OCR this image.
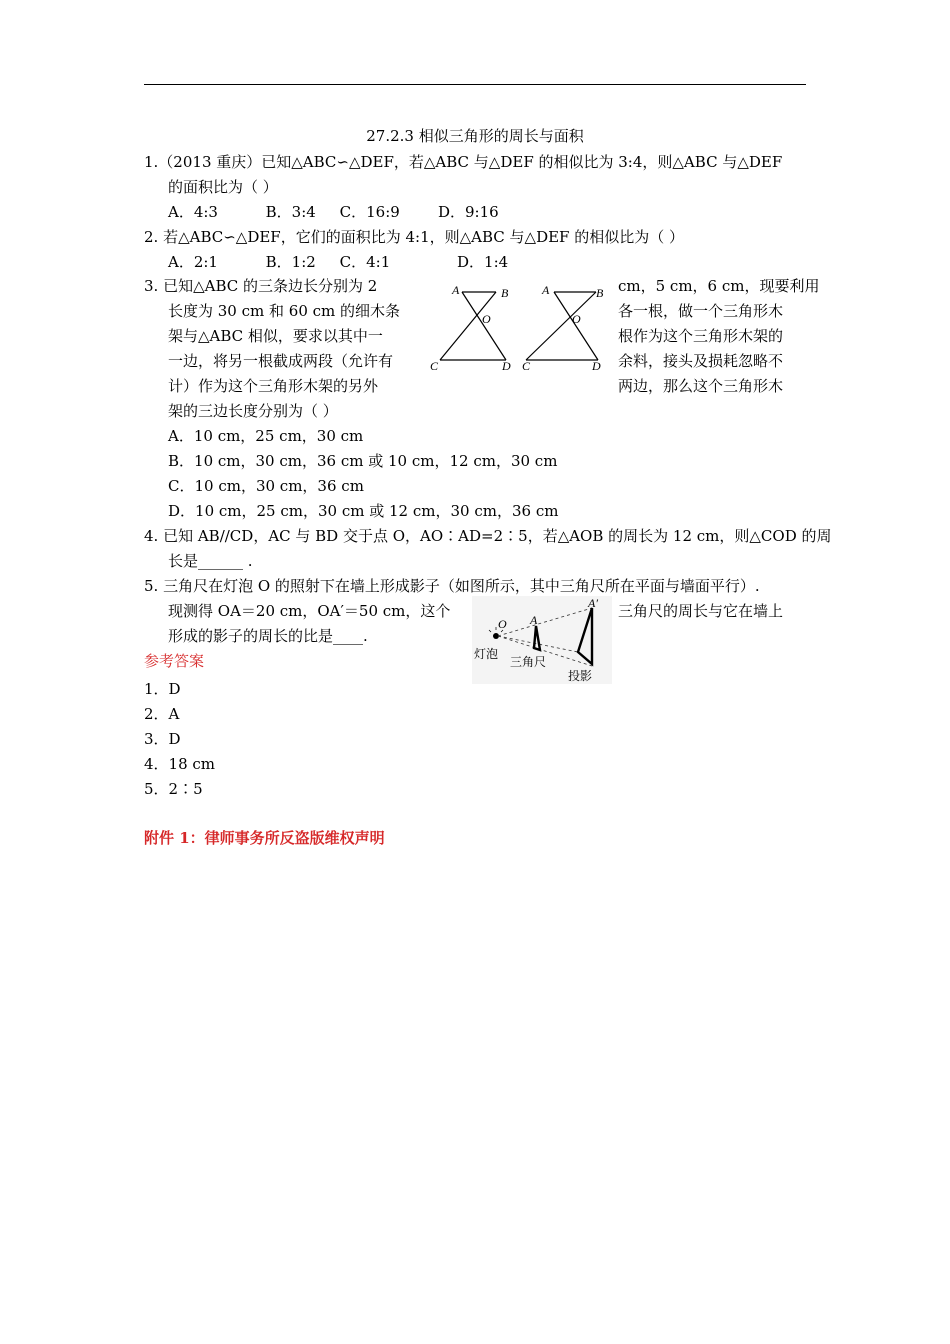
27.2.3 相似三角形的周长与面积
1.（2013 重庆）已知△ABC∽△DEF，若△ABC 与△DEF 的相似比为 3:4，则△ABC 与△DEF
的面积比为（ ）
A．4:3          B．3:4     C．16:9        D．9:16
2. 若△ABC∽△DEF，它们的面积比为 4:1，则△ABC 与△DEF 的相似比为（ ）
A．2:1          B．1:2     C．4:1              D．1:4
3. 已知△ABC 的三条边长分别为 2
长度为 30 cm 和 60 cm 的细木条
架与△ABC 相似，要求以其中一
一边，将另一根截成两段（允许有
计）作为这个三角形木架的另外
cm，5 cm，6 cm，现要利用
各一根，做一个三角形木
根作为这个三角形木架的
余料，接头及损耗忽略不
两边，那么这个三角形木
A	B
O
C	D
A	B
O
C	D
架的三边长度分别为（ ）
A．10 cm，25 cm，30 cm
B．10 cm，30 cm，36 cm 或 10 cm，12 cm，30 cm
C．10 cm，30 cm，36 cm
D．10 cm，25 cm，30 cm 或 12 cm，30 cm，36 cm
4. 已知 AB//CD，AC 与 BD 交于点 O，AO∶AD=2∶5，若△AOB 的周长为 12 cm，则△COD 的周
长是______ .
5. 三角尺在灯泡 O 的照射下在墙上形成影子（如图所示，其中三角尺所在平面与墙面平行）.
现测得 OA＝20 cm，OA′＝50 cm，这个	三角尺的周长与它在墙上
形成的影子的周长的比是____.
O A
A′
灯泡
三角尺
投影
参考答案
1．D
2．A
3．D
4．18 cm
5．2∶5
附件 1：律师事务所反盗版维权声明
